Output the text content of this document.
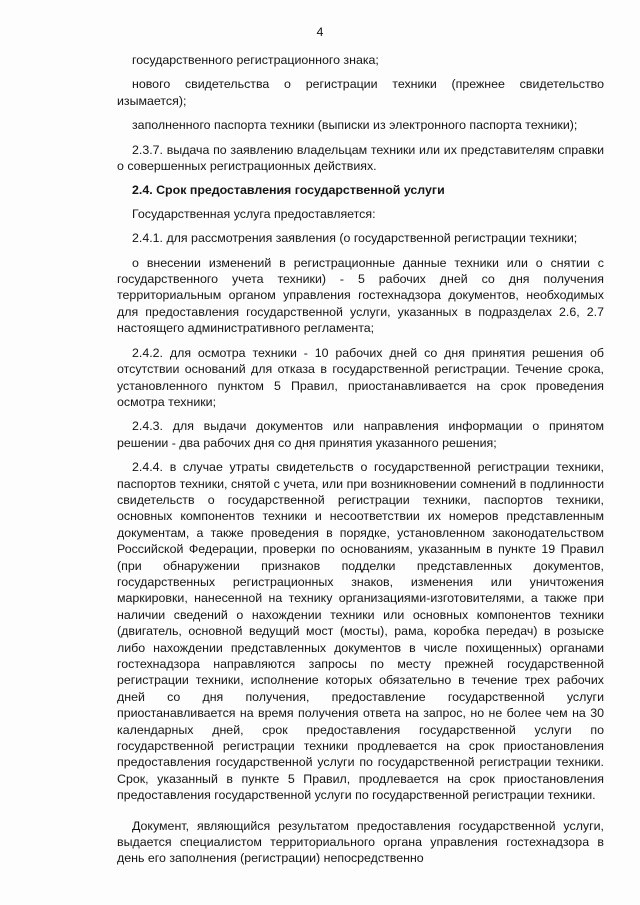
4

государственного регистрационного знака;

нового свидетельства о регистрации техники (прежнее свидетельство изымается);

заполненного паспорта техники (выписки из электронного паспорта техники);

2.3.7. выдача по заявлению владельцам техники или их представителям справки о совершенных регистрационных действиях.

2.4. Срок предоставления государственной услуги

Государственная услуга предоставляется:

2.4.1. для рассмотрения заявления (о государственной регистрации техники;

о внесении изменений в регистрационные данные техники или о снятии с государственного учета техники) - 5 рабочих дней со дня получения территориальным органом управления гостехнадзора документов, необходимых для предоставления государственной услуги, указанных в подразделах 2.6, 2.7 настоящего административного регламента;

2.4.2. для осмотра техники - 10 рабочих дней со дня принятия решения об отсутствии оснований для отказа в государственной регистрации. Течение срока, установленного пунктом 5 Правил, приостанавливается на срок проведения осмотра техники;

2.4.3. для выдачи документов или направления информации о принятом решении - два рабочих дня со дня принятия указанного решения;

2.4.4. в случае утраты свидетельств о государственной регистрации техники, паспортов техники, снятой с учета, или при возникновении сомнений в подлинности свидетельств о государственной регистрации техники, паспортов техники, основных компонентов техники и несоответствии их номеров представленным документам, а также проведения в порядке, установленном законодательством Российской Федерации, проверки по основаниям, указанным в пункте 19 Правил (при обнаружении признаков подделки представленных документов, государственных регистрационных знаков, изменения или уничтожения маркировки, нанесенной на технику организациями-изготовителями, а также при наличии сведений о нахождении техники или основных компонентов техники (двигатель, основной ведущий мост (мосты), рама, коробка передач) в розыске либо нахождении представленных документов в числе похищенных) органами гостехнадзора направляются запросы по месту прежней государственной регистрации техники, исполнение которых обязательно в течение трех рабочих дней со дня получения, предоставление государственной услуги приостанавливается на время получения ответа на запрос, но не более чем на 30 календарных дней, срок предоставления государственной услуги по государственной регистрации техники продлевается на срок приостановления предоставления государственной услуги по государственной регистрации техники. Срок, указанный в пункте 5 Правил, продлевается на срок приостановления предоставления государственной услуги по государственной регистрации техники.

Документ, являющийся результатом предоставления государственной услуги, выдается специалистом территориального органа управления гостехнадзора в день его заполнения (регистрации) непосредственно
